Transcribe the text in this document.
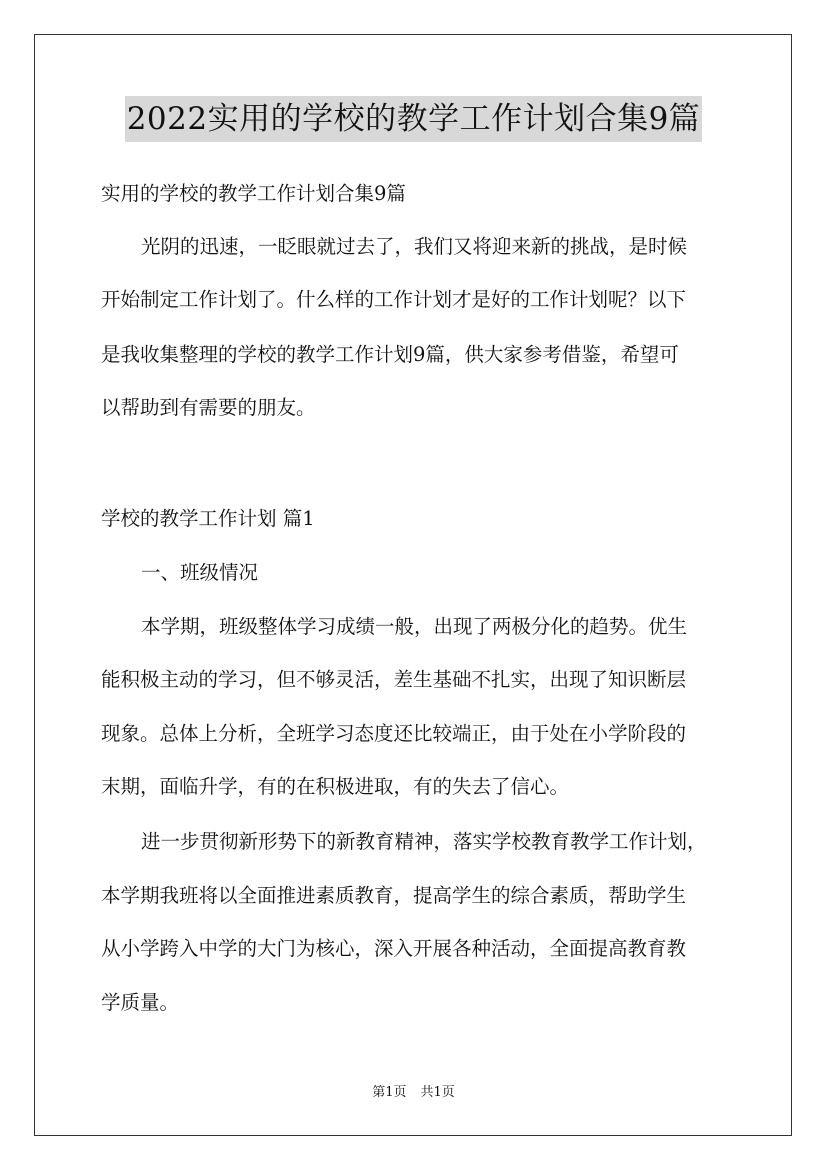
2022实用的学校的教学工作计划合集9篇

实用的学校的教学工作计划合集9篇

光阴的迅速，一眨眼就过去了，我们又将迎来新的挑战，是时候

开始制定工作计划了。什么样的工作计划才是好的工作计划呢？以下

是我收集整理的学校的教学工作计划9篇，供大家参考借鉴，希望可

以帮助到有需要的朋友。

学校的教学工作计划 篇1

一、班级情况

本学期，班级整体学习成绩一般，出现了两极分化的趋势。优生

能积极主动的学习，但不够灵活，差生基础不扎实，出现了知识断层

现象。总体上分析，全班学习态度还比较端正，由于处在小学阶段的

末期，面临升学，有的在积极进取，有的失去了信心。

进一步贯彻新形势下的新教育精神，落实学校教育教学工作计划，

本学期我班将以全面推进素质教育，提高学生的综合素质，帮助学生

从小学跨入中学的大门为核心，深入开展各种活动，全面提高教育教

学质量。

第1页 共1页
